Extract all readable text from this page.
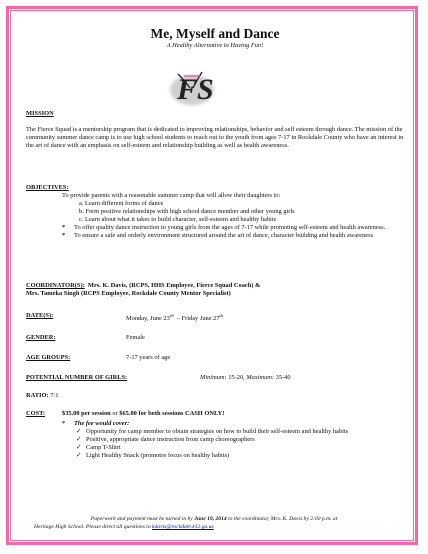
FS
Me, Myself and Dance
A Healthy Alternative to Having Fun!

MISSION

The Fierce Squad is a mentorship program that is dedicated to improving relationships, behavior and self esteem through dance. The mission of the community summer dance camp is to use high school students to reach out to the youth from ages 7-17 in Rockdale County who have an interest in the art of dance with an emphasis on self-esteem and relationship building as well as health awareness.

OBJECTIVES:

To provide parents with a reasonable summer camp that will allow their daughters to:

a. Learn different forms of dance
b. Form positive relationships with high school dance member and other young girls
c. Learn about what it takes to build character, self-esteem and healthy habits
* To offer quality dance instruction to young girls from the ages of 7-17 while promoting self-esteem and health awareness.
* To ensure a safe and orderly environment structured around the art of dance, character building and health awareness

COORDINATOR(S): Mrs. K. Davis, (RCPS, HHS Employee, Fierce Squad Coach) &

Mrs. Tameka Singh (RCPS Employee, Rockdale County Mentor Specialist)

DATE(S):	Monday, June 23rd – Friday June 27th
GENDER:	Female
AGE GROUPS:	7-17 years of age
POTENTIAL NUMBER OF GIRLS:	Minimum: 15-20, Maximum: 35-40
RATIO: 7:1
COST:	$35.00 per session or $65.00 for both sessions CASH ONLY!
* The fee would cover:
✓ Opportunity for camp member to obtain strategies on how to build their self-esteem and healthy habits
✓ Positive, appropriate dance instruction from camp choreographers
✓ Camp T-Shirt
✓ Light Healthy Snack (promotes focus on healthy habits)

Paperwork and payment must be turned in by June 19, 2014 to the coordinator, Mrs. K. Davis by 2:00 p.m. at

Heritage High School. Please direct all questions to kdavis@rockdale.k12.ga.us
